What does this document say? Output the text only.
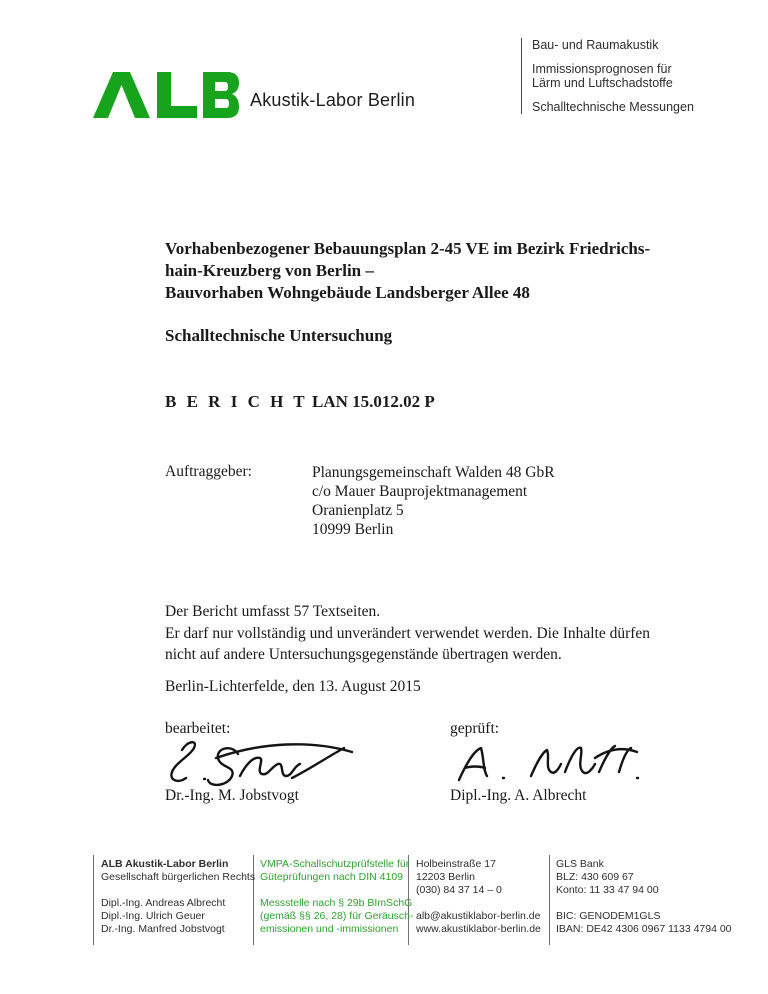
Akustik-Labor Berlin
Bau- und Raumakustik
Immissionsprognosen für
Lärm und Luftschadstoffe
Schalltechnische Messungen
Vorhabenbezogener Bebauungsplan 2-45 VE im Bezirk Friedrichs-
hain-Kreuzberg von Berlin –
Bauvorhaben Wohngebäude Landsberger Allee 48
Schalltechnische Untersuchung
B E R I C H T LAN 15.012.02 P
Auftraggeber:	Planungsgemeinschaft Walden 48 GbR
c/o Mauer Bauprojektmanagement
Oranienplatz 5
10999 Berlin
Der Bericht umfasst 57 Textseiten.
Er darf nur vollständig und unverändert verwendet werden. Die Inhalte dürfen
nicht auf andere Untersuchungsgegenstände übertragen werden.
Berlin-Lichterfelde, den 13. August 2015
bearbeitet:	geprüft:
Dr.-Ing. M. Jobstvogt	Dipl.-Ing. A. Albrecht
ALB Akustik-Labor Berlin
Gesellschaft bürgerlichen Rechts
Dipl.-Ing. Andreas Albrecht
Dipl.-Ing. Ulrich Geuer
Dr.-Ing. Manfred Jobstvogt
VMPA-Schallschutzprüfstelle für
Güteprüfungen nach DIN 4109
Messstelle nach § 29b BImSchG
(gemäß §§ 26, 28) für Geräusch-
emissionen und -immissionen
Holbeinstraße 17
12203 Berlin
(030) 84 37 14 – 0
alb@akustiklabor-berlin.de
www.akustiklabor-berlin.de
GLS Bank
BLZ: 430 609 67
Konto: 11 33 47 94 00
BIC: GENODEM1GLS
IBAN: DE42 4306 0967 1133 4794 00
